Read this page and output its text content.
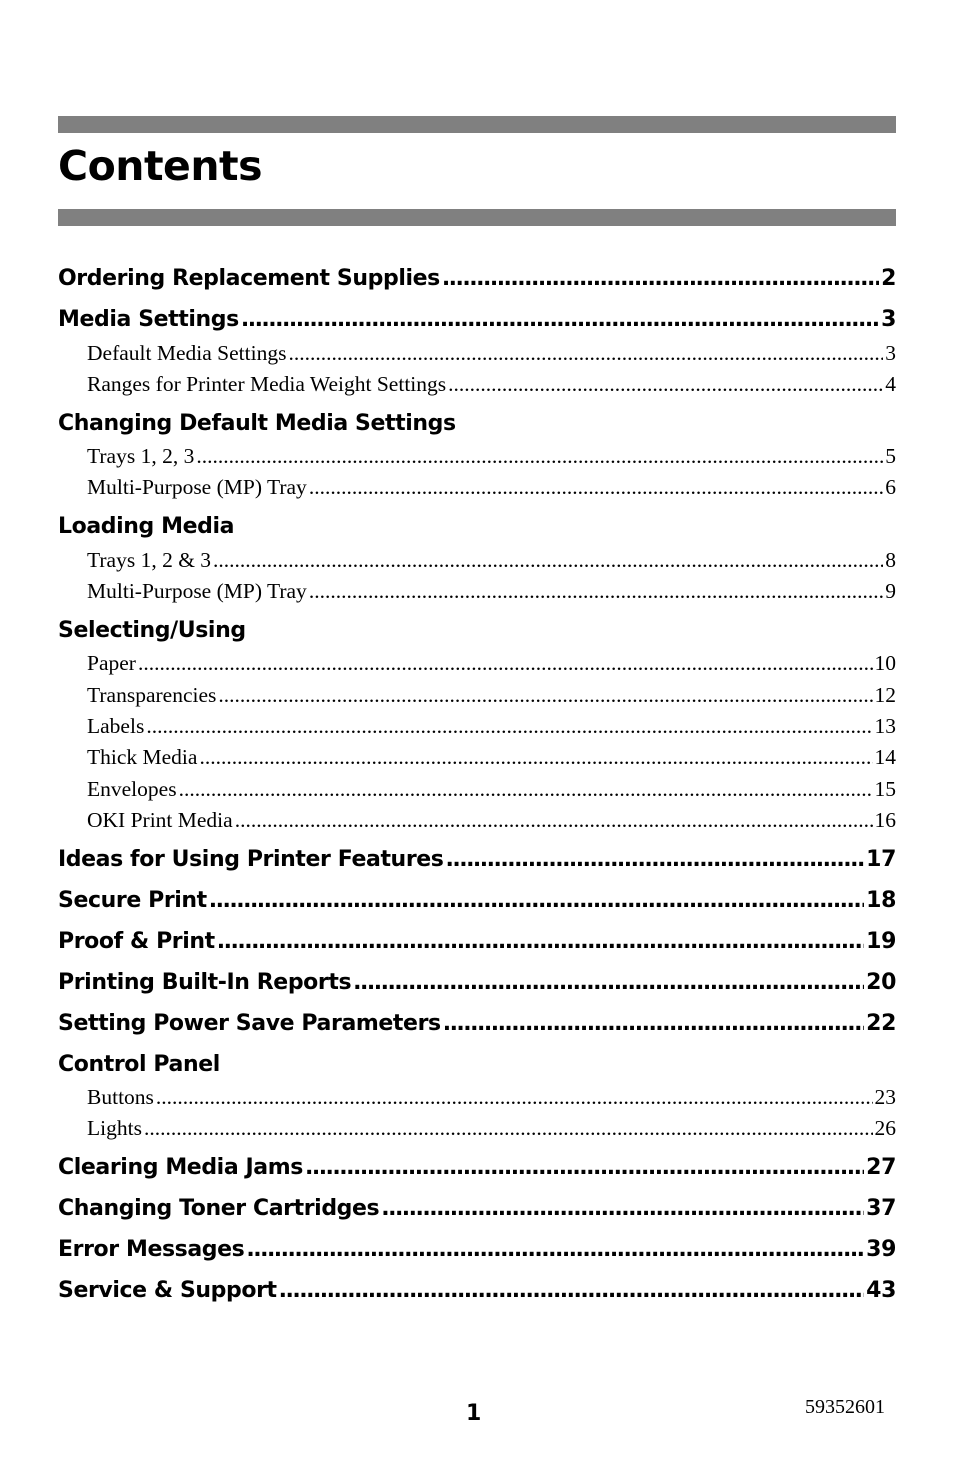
Contents
Ordering Replacement Supplies .....	2
Media Settings .....	3
Default Media Settings .....	3
Ranges for Printer Media Weight Settings .....	4
Changing Default Media Settings
Trays 1, 2, 3 .....	5
Multi-Purpose (MP) Tray .....	6
Loading Media
Trays 1, 2 & 3 .....	8
Multi-Purpose (MP) Tray .....	9
Selecting/Using
Paper .....	10
Transparencies .....	12
Labels .....	13
Thick Media .....	14
Envelopes .....	15
OKI Print Media .....	16
Ideas for Using Printer Features .....	17
Secure Print .....	18
Proof & Print .....	19
Printing Built-In Reports .....	20
Setting Power Save Parameters .....	22
Control Panel
Buttons .....	23
Lights .....	26
Clearing Media Jams .....	27
Changing Toner Cartridges .....	37
Error Messages .....	39
Service & Support .....	43
1	59352601
